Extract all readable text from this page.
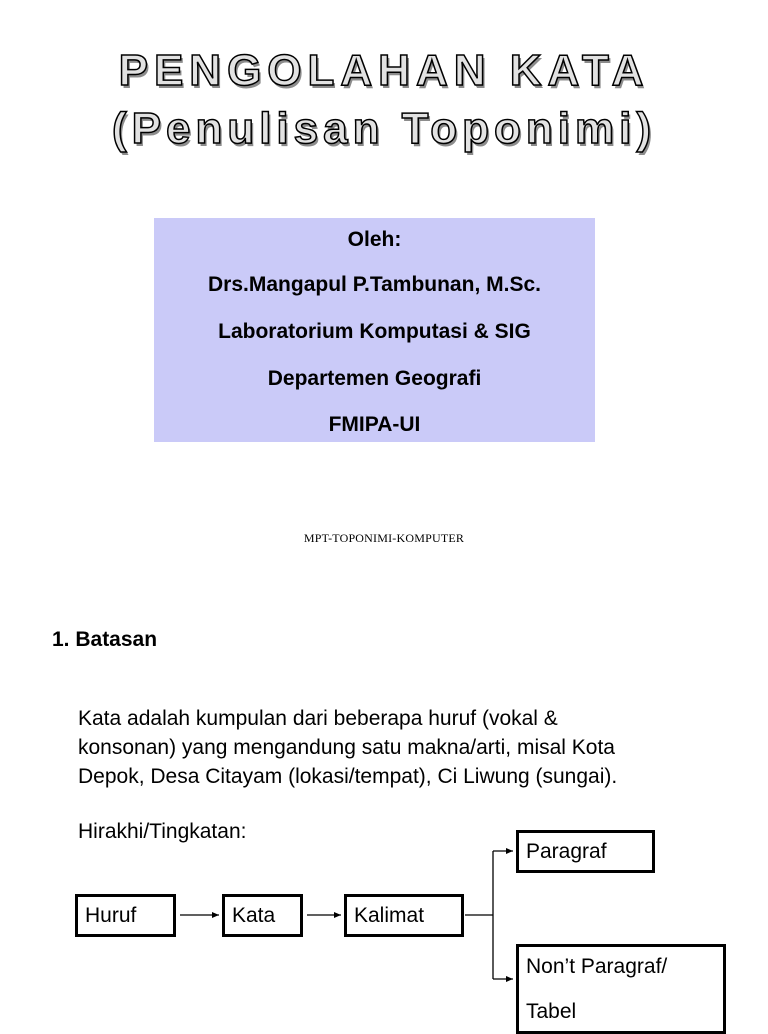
PENGOLAHAN KATA
(Penulisan Toponimi)
Oleh:
Drs.Mangapul P.Tambunan, M.Sc.
Laboratorium Komputasi & SIG
Departemen Geografi
FMIPA-UI
MPT-TOPONIMI-KOMPUTER
1. Batasan
Kata adalah kumpulan dari beberapa huruf (vokal &
konsonan) yang mengandung satu makna/arti, misal Kota
Depok, Desa Citayam (lokasi/tempat), Ci Liwung (sungai).
Hirakhi/Tingkatan:
Huruf	Kata	Kalimat
Paragraf
Non’t Paragraf/
Tabel
